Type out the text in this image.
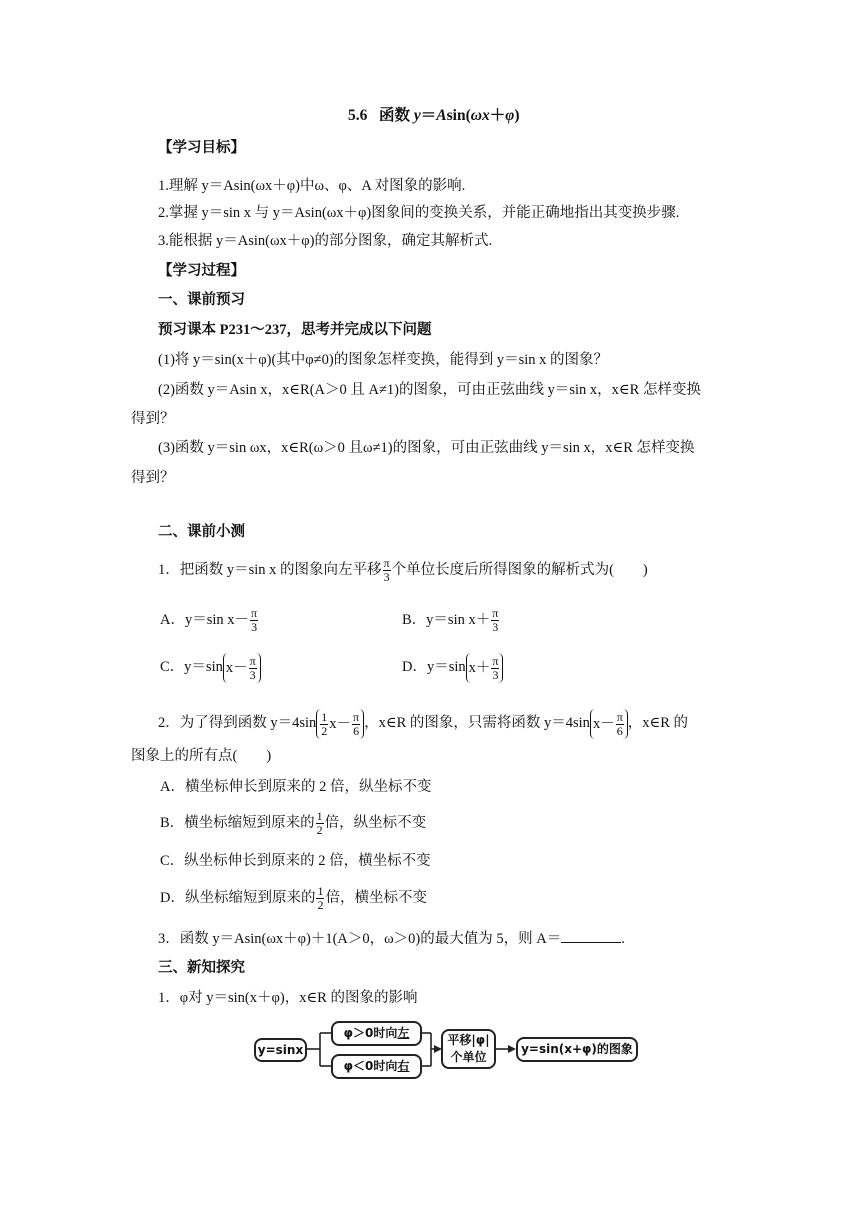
5.6 函数 y＝Asin(ωx＋φ)
【学习目标】
1.理解 y＝Asin(ωx＋φ)中ω、φ、A 对图象的影响.
2.掌握 y＝sin x 与 y＝Asin(ωx＋φ)图象间的变换关系，并能正确地指出其变换步骤.
3.能根据 y＝Asin(ωx＋φ)的部分图象，确定其解析式.
【学习过程】
一、课前预习
预习课本 P231～237，思考并完成以下问题
(1)将 y＝sin(x＋φ)(其中φ≠0)的图象怎样变换，能得到 y＝sin x 的图象？
(2)函数 y＝Asin x，x∈R(A＞0 且 A≠1)的图象，可由正弦曲线 y＝sin x，x∈R 怎样变换
得到？
(3)函数 y＝sin ωx，x∈R(ω＞0 且ω≠1)的图象，可由正弦曲线 y＝sin x，x∈R 怎样变换
得到？
二、课前小测
1．把函数 y＝sin x 的图象向左平移 $\frac{\pi}{3}$ 个单位长度后所得图象的解析式为(　　)
A．y＝sin $x- \frac{\pi}{3}$	B．y＝sin $x+ \frac{\pi}{3}$
C．y＝sin $x- \frac{\pi}{3}$	D．y＝sin $x+ \frac{\pi}{3}$
2．为了得到函数 $y=4\sin \frac{1}{2} x- \frac{\pi}{6}$ ，x∈R 的图象，只需将函数 y＝4sin $x- \frac{\pi}{6}$ ，x∈R 的
图象上的所有点(　　)
A．横坐标伸长到原来的 2 倍，纵坐标不变
B．横坐标缩短到原来的 $\frac{1}{2}$ 倍，纵坐标不变
C．纵坐标伸长到原来的 2 倍，横坐标不变
D．纵坐标缩短到原来的 $\frac{1}{2}$ 倍，横坐标不变
3．函数 y＝Asin(ωx＋φ)＋1(A＞0，ω＞0)的最大值为 5，则 A＝	.
三、新知探究
1．φ对 y＝sin(x＋φ)，x∈R 的图象的影响
y=sinx
φ＞0时向左
φ＜0时向右
平移|φ|
个单位
y=sin(x+φ)的图象
